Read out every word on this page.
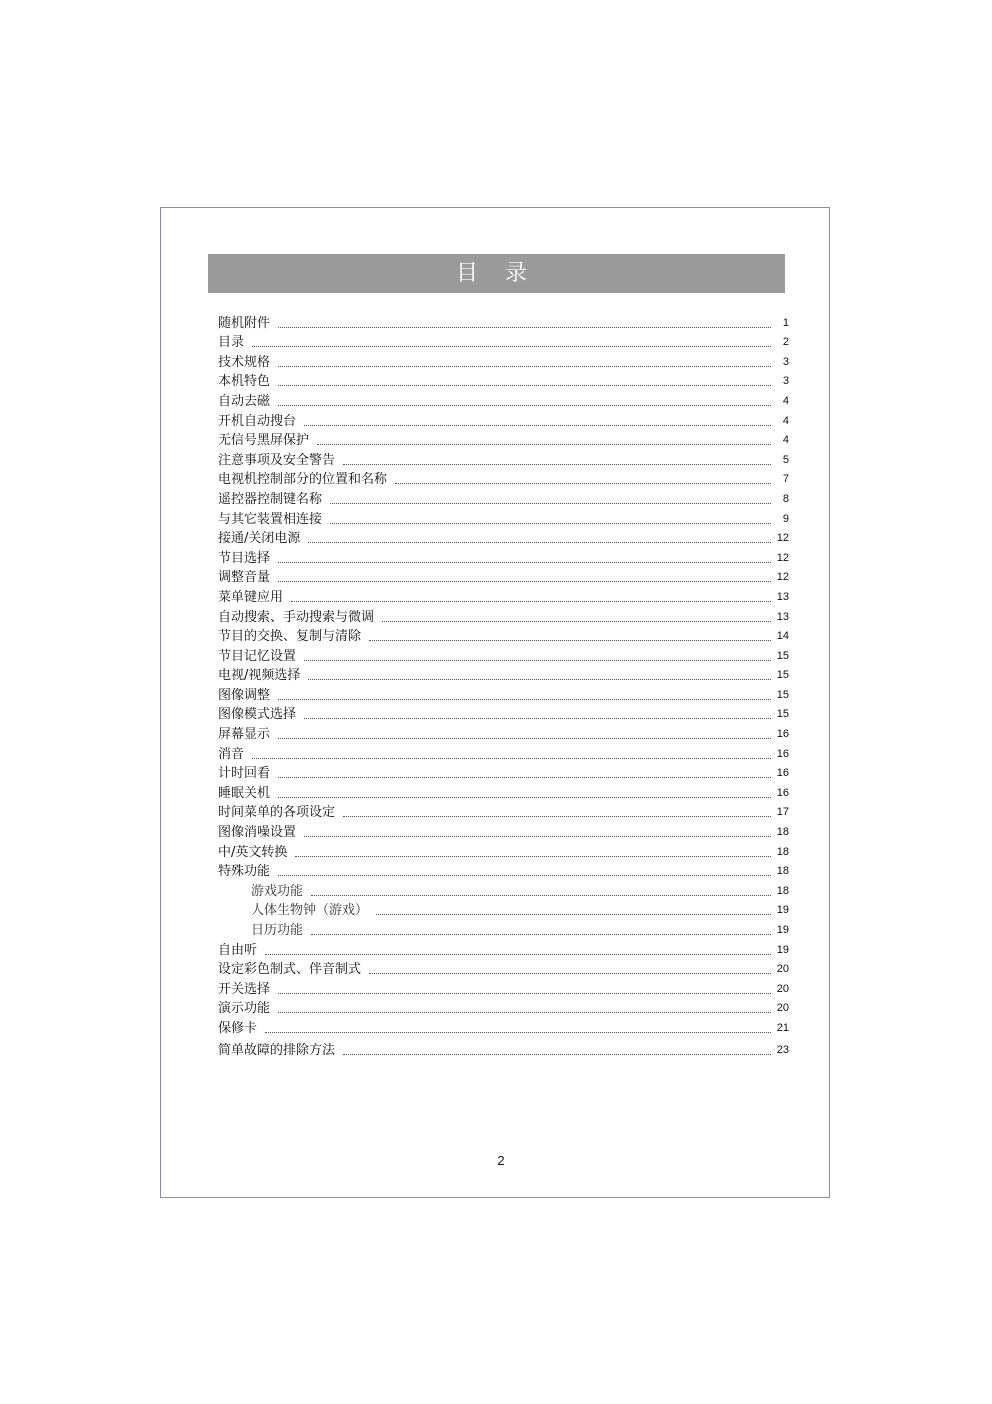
目 录
随机附件	1
目录	2
技术规格	3
本机特色	3
自动去磁	4
开机自动搜台	4
无信号黑屏保护	4
注意事项及安全警告	5
电视机控制部分的位置和名称	7
遥控器控制键名称	8
与其它装置相连接	9
接通/关闭电源	12
节目选择	12
调整音量	12
菜单键应用	13
自动搜索、手动搜索与微调	13
节目的交换、复制与清除	14
节目记忆设置	15
电视/视频选择	15
图像调整	15
图像模式选择	15
屏幕显示	16
消音	16
计时回看	16
睡眠关机	16
时间菜单的各项设定	17
图像消噪设置	18
中/英文转换	18
特殊功能	18
游戏功能	18
人体生物钟（游戏）	19
日历功能	19
自由听	19
设定彩色制式、伴音制式	20
开关选择	20
演示功能	20
保修卡	21
简单故障的排除方法	23
2
